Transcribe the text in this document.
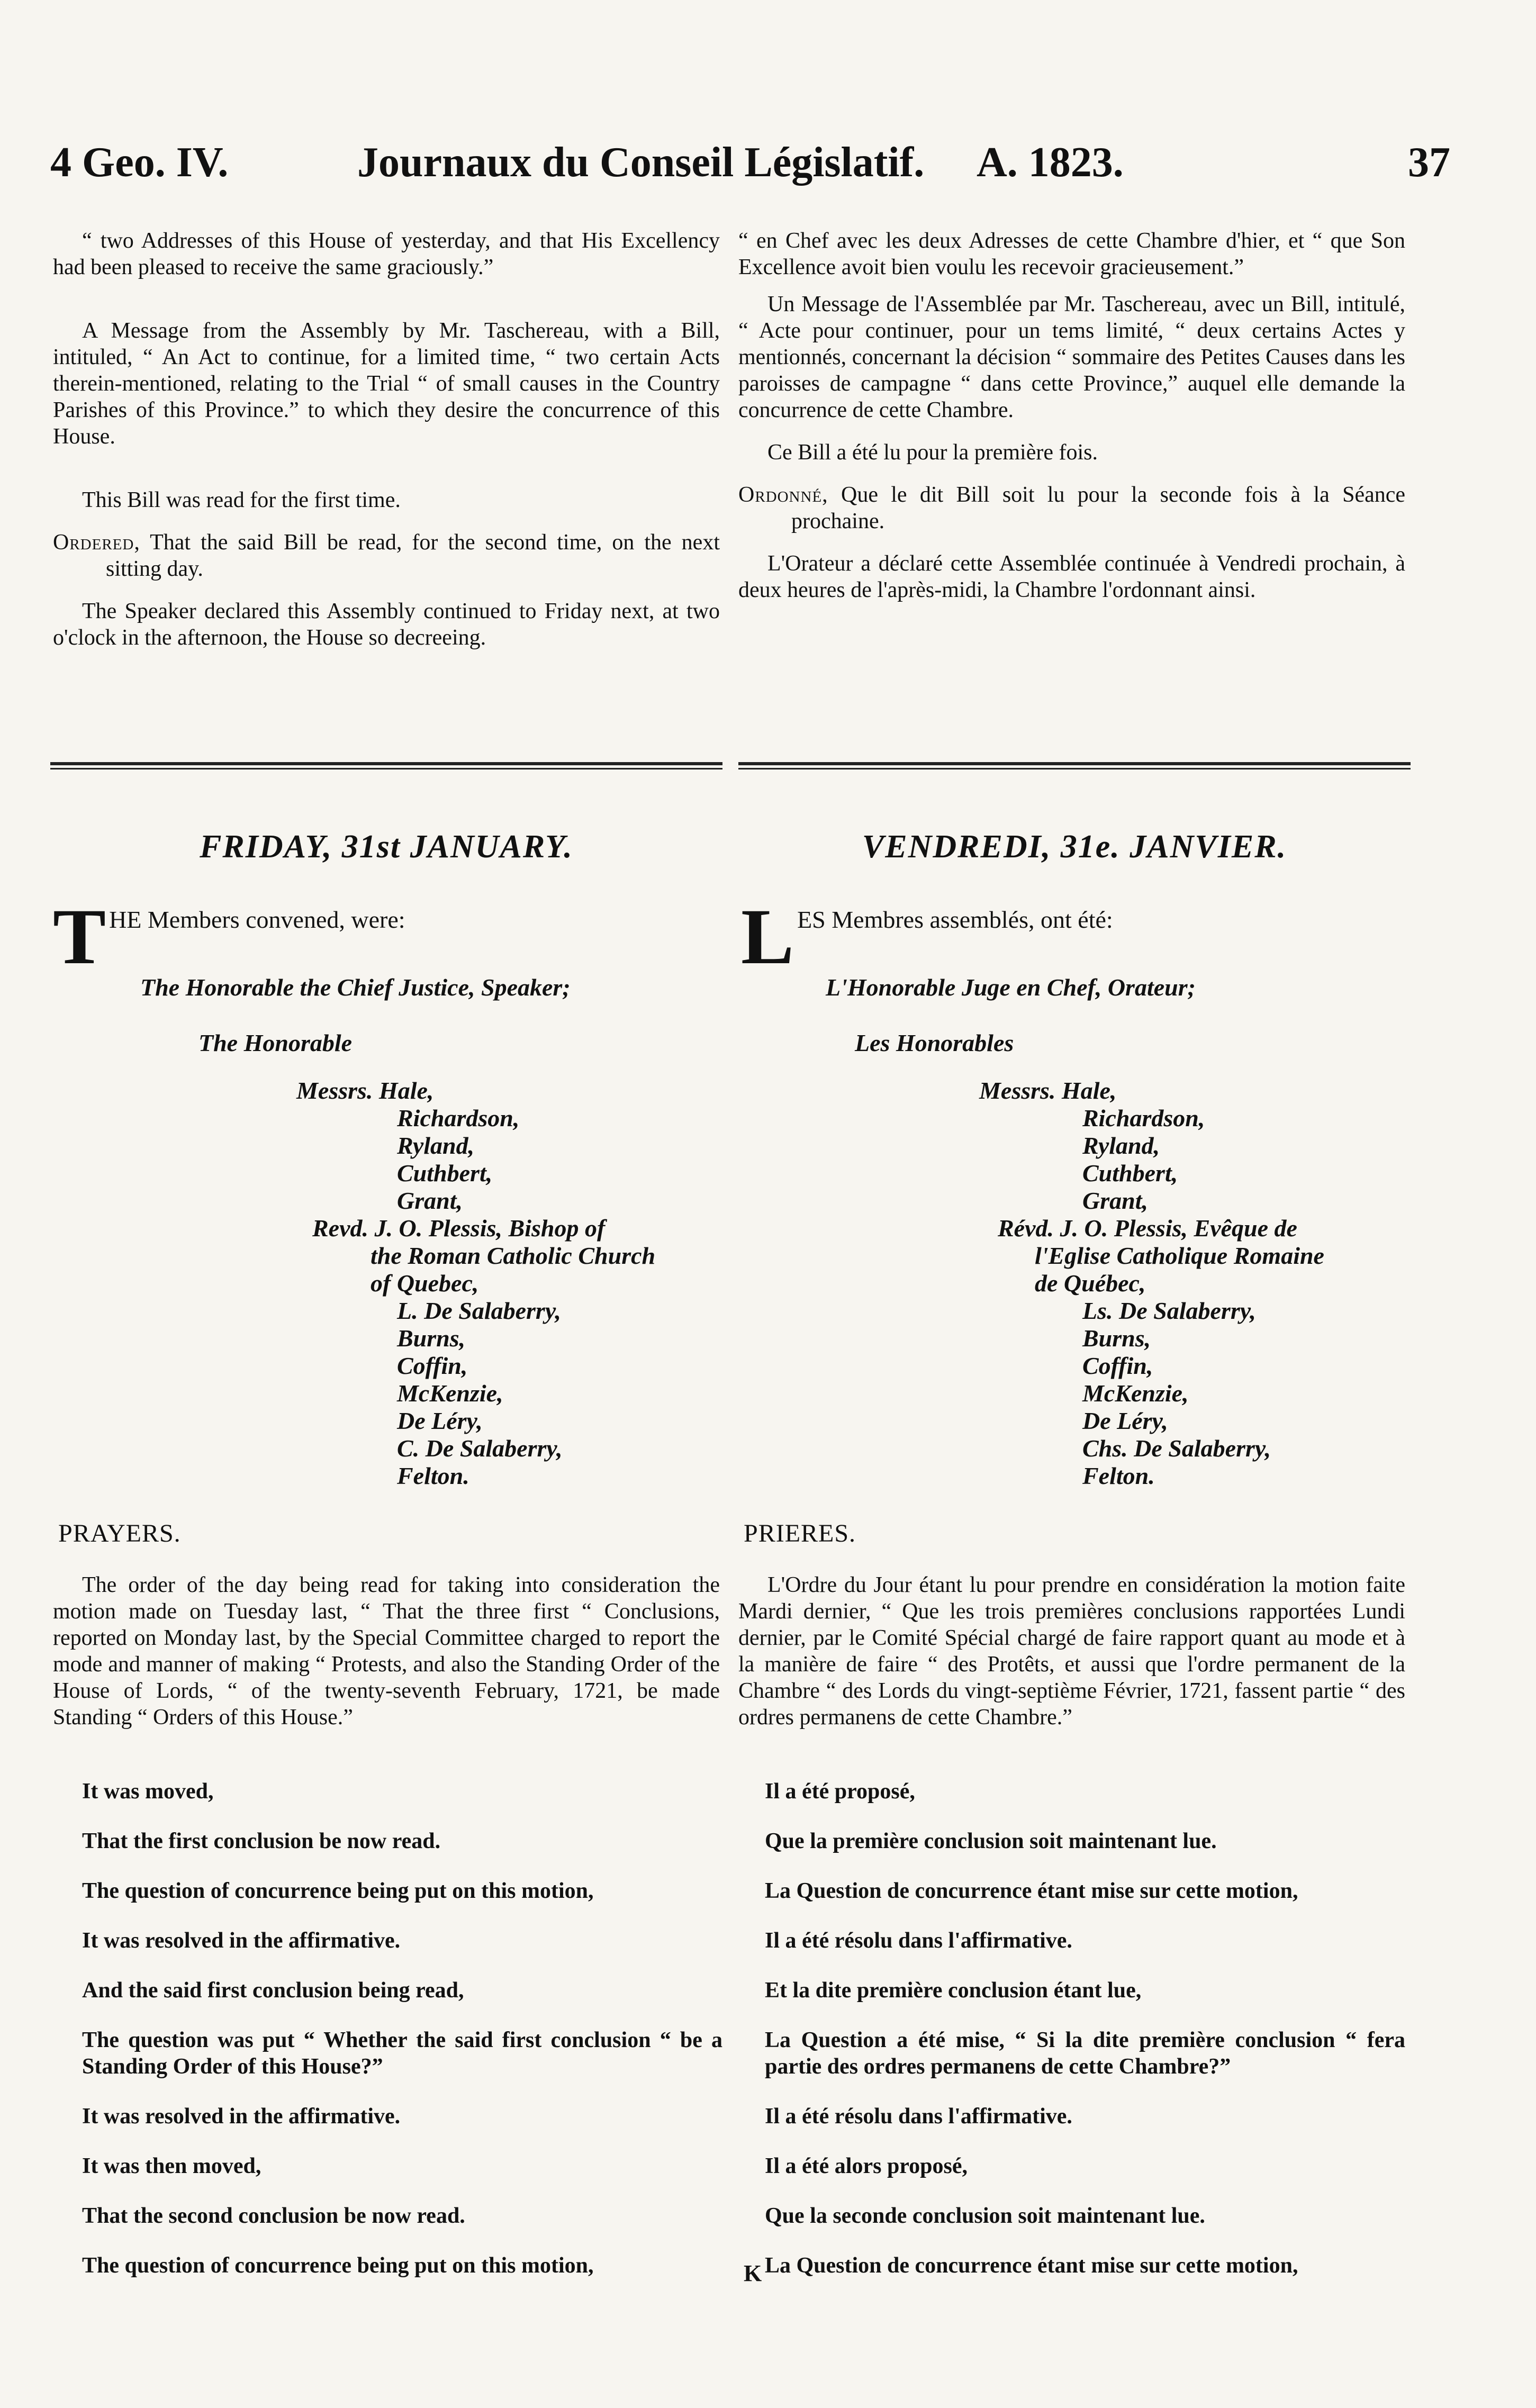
4 Geo. IV.	Journaux du Conseil Législatif. A. 1823.	37

“ two Addresses of this House of yesterday, and that His Excellency had been pleased to receive the same graciously.”

A Message from the Assembly by Mr. Taschereau, with a Bill, intituled, “ An Act to continue, for a limited time, “ two certain Acts therein-mentioned, relating to the Trial “ of small causes in the Country Parishes of this Province.” to which they desire the concurrence of this House.

This Bill was read for the first time.

Ordered, That the said Bill be read, for the second time, on the next sitting day.

The Speaker declared this Assembly continued to Friday next, at two o'clock in the afternoon, the House so decreeing.

“ en Chef avec les deux Adresses de cette Chambre d'hier, et “ que Son Excellence avoit bien voulu les recevoir gracieusement.”

Un Message de l'Assemblée par Mr. Taschereau, avec un Bill, intitulé, “ Acte pour continuer, pour un tems limité, “ deux certains Actes y mentionnés, concernant la décision “ sommaire des Petites Causes dans les paroisses de campagne “ dans cette Province,” auquel elle demande la concurrence de cette Chambre.

Ce Bill a été lu pour la première fois.

Ordonné, Que le dit Bill soit lu pour la seconde fois à la Séance prochaine.

L'Orateur a déclaré cette Assemblée continuée à Vendredi prochain, à deux heures de l'après-midi, la Chambre l'ordonnant ainsi.

FRIDAY, 31st JANUARY.	VENDREDI, 31e. JANVIER.
T HE Members convened, were:	L ES Membres assemblés, ont été:
The Honorable the Chief Justice, Speaker;	L'Honorable Juge en Chef, Orateur;
The Honorable	Les Honorables
Messrs. Hale,
Richardson,
Ryland,
Cuthbert,
Grant,
Revd. J. O. Plessis, Bishop of
the Roman Catholic Church
of Quebec,
L. De Salaberry,
Burns,
Coffin,
McKenzie,
De Léry,
C. De Salaberry,
Felton.
Messrs. Hale,
Richardson,
Ryland,
Cuthbert,
Grant,
Révd. J. O. Plessis, Evêque de
l'Eglise Catholique Romaine
de Québec,
Ls. De Salaberry,
Burns,
Coffin,
McKenzie,
De Léry,
Chs. De Salaberry,
Felton.
PRAYERS.	PRIERES.

The order of the day being read for taking into consideration the motion made on Tuesday last, “ That the three first “ Conclusions, reported on Monday last, by the Special Committee charged to report the mode and manner of making “ Protests, and also the Standing Order of the House of Lords, “ of the twenty-seventh February, 1721, be made Standing “ Orders of this House.”

L'Ordre du Jour étant lu pour prendre en considération la motion faite Mardi dernier, “ Que les trois premières conclusions rapportées Lundi dernier, par le Comité Spécial chargé de faire rapport quant au mode et à la manière de faire “ des Protêts, et aussi que l'ordre permanent de la Chambre “ des Lords du vingt-septième Février, 1721, fassent partie “ des ordres permanens de cette Chambre.”

It was moved,
That the first conclusion be now read.
The question of concurrence being put on this motion,
It was resolved in the affirmative.
And the said first conclusion being read,
The question was put “ Whether the said first conclusion “ be a Standing Order of this House?”
It was resolved in the affirmative.
It was then moved,
That the second conclusion be now read.
The question of concurrence being put on this motion,
Il a été proposé,
Que la première conclusion soit maintenant lue.
La Question de concurrence étant mise sur cette motion,
Il a été résolu dans l'affirmative.
Et la dite première conclusion étant lue,
La Question a été mise, “ Si la dite première conclusion “ fera partie des ordres permanens de cette Chambre?”
Il a été résolu dans l'affirmative.
Il a été alors proposé,
Que la seconde conclusion soit maintenant lue.
La Question de concurrence étant mise sur cette motion,
K
